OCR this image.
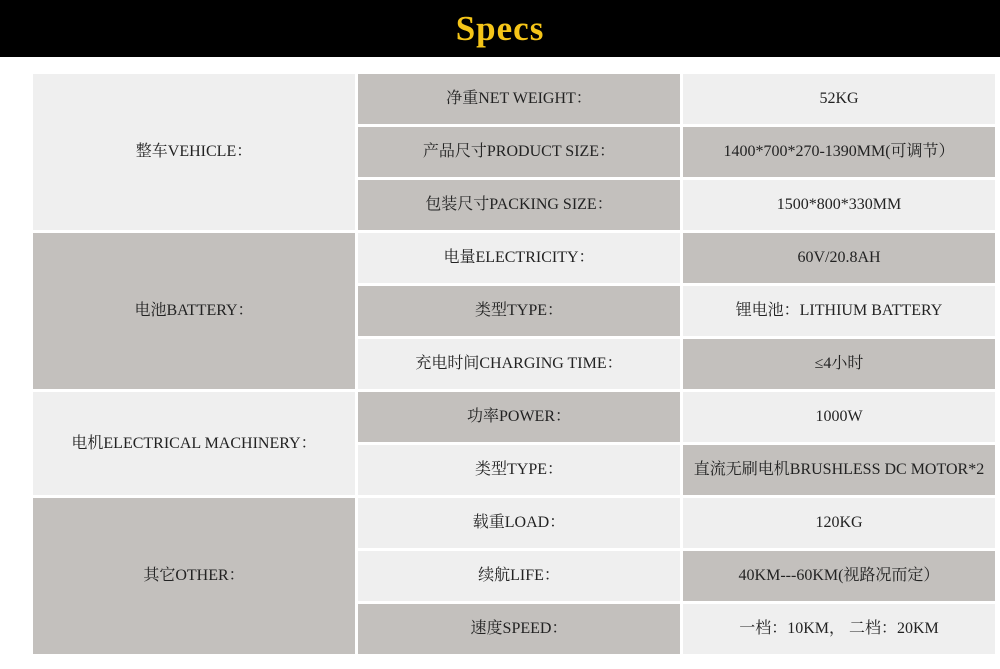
Specs
整车VEHICLE：	净重NET WEIGHT：	52KG
	产品尺寸PRODUCT SIZE：	1400*700*270-1390MM(可调节）
	包装尺寸PACKING SIZE：	1500*800*330MM
电池BATTERY：	电量ELECTRICITY：	60V/20.8AH
	类型TYPE：	锂电池：LITHIUM BATTERY
	充电时间CHARGING TIME：	≤4小时
电机ELECTRICAL MACHINERY：	功率POWER：	1000W
	类型TYPE：	直流无刷电机BRUSHLESS DC MOTOR*2
其它OTHER：	载重LOAD：	120KG
	续航LIFE：	40KM---60KM(视路况而定）
	速度SPEED：	一档：10KM， 二档：20KM
